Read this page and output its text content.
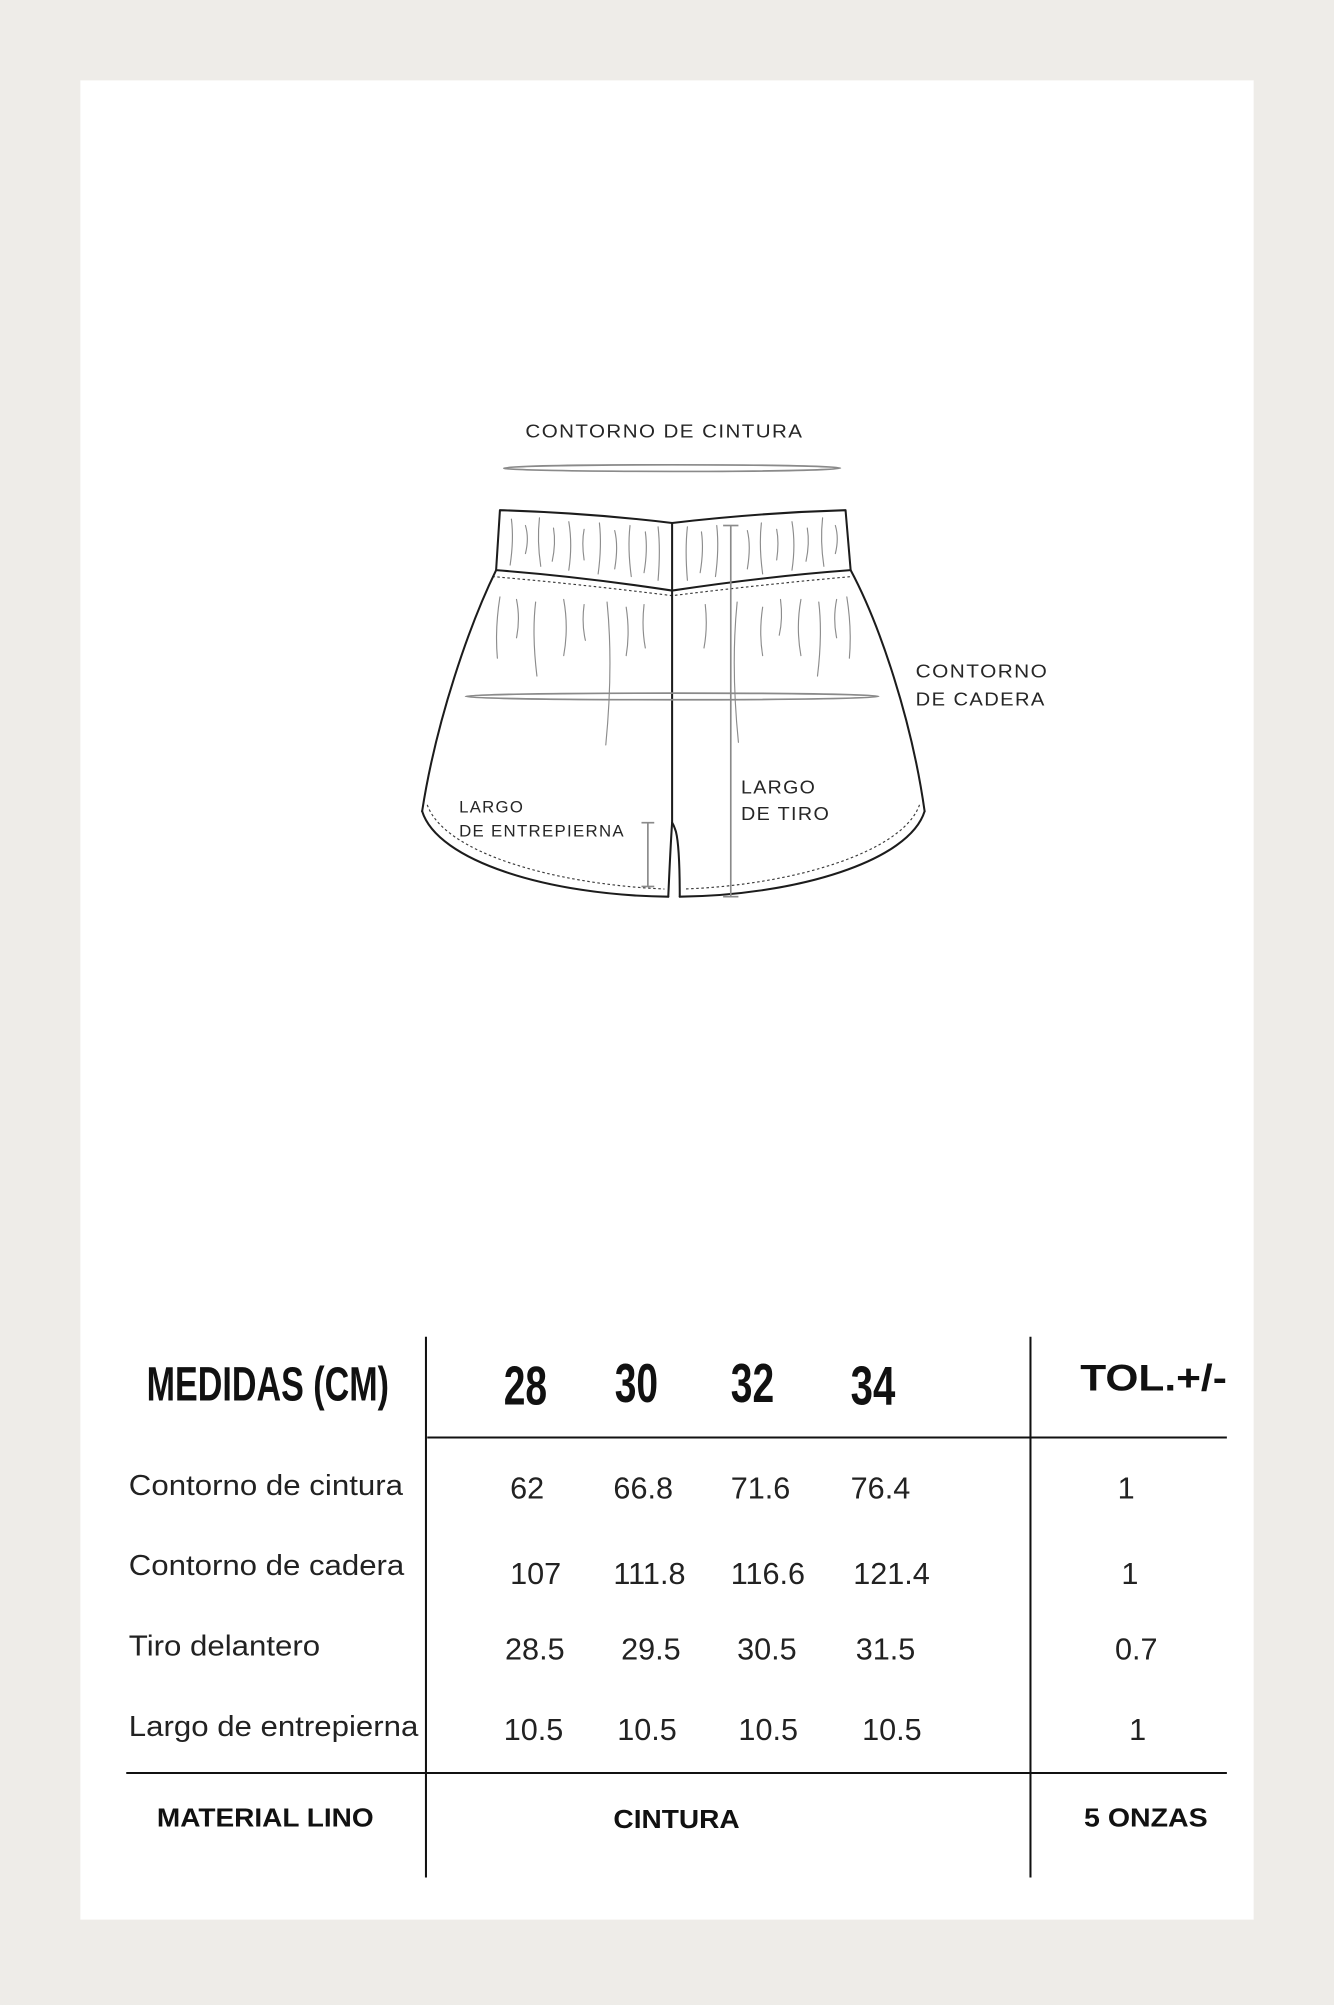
CONTORNO DE CINTURA
CONTORNO
DE CADERA
LARGO
DE ENTREPIERNA
LARGO
DE TIRO
MEDIDAS (CM)	28 30 32 34	TOL.+/-
Contorno de cintura	62	66.8 71.6	76.4	1
Contorno de cadera	107 111.8 116.6 121.4	1
Tiro delantero	28.5 29.5 30.5 31.5	0.7
Largo de entrepierna	10.5 10.5	10.5	10.5	1
MATERIAL LINO	CINTURA	5 ONZAS
